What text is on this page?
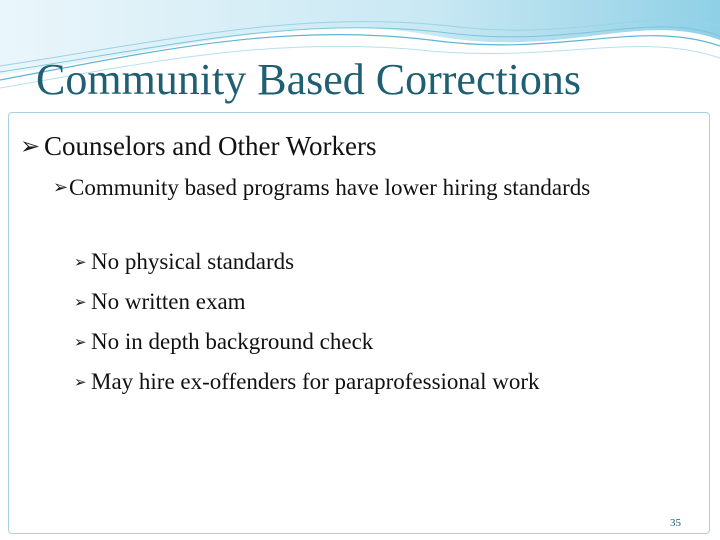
Community Based Corrections
➢ Counselors and Other Workers
➢ Community based programs have lower hiring standards
➢ No physical standards
➢ No written exam
➢ No in depth background check
➢ May hire ex-offenders for paraprofessional work
35
